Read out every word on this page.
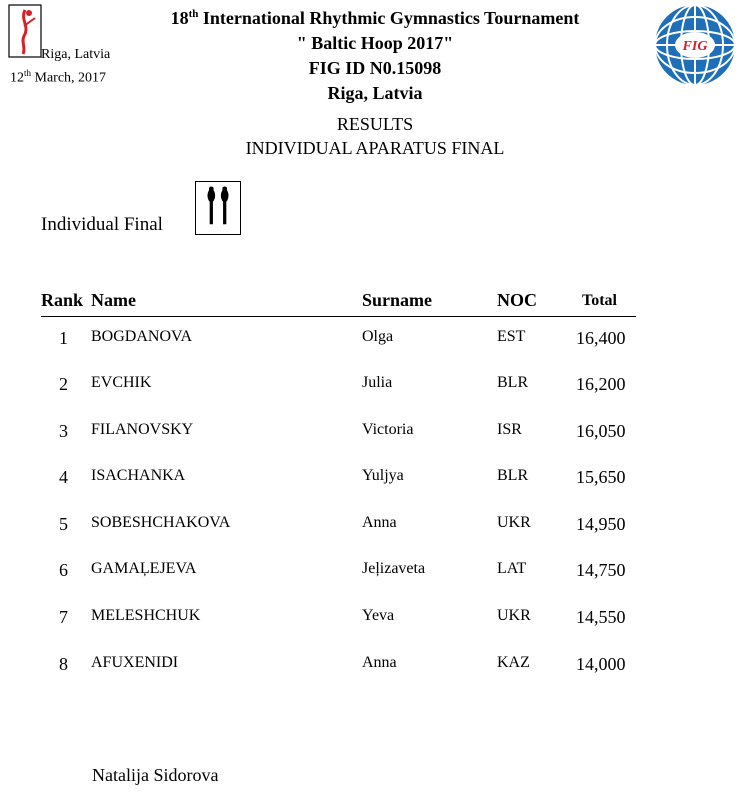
Riga, Latvia
12th March, 2017
FIG
18th International Rhythmic Gymnastics Tournament
" Baltic Hoop 2017"
FIG ID N0.15098
Riga, Latvia
RESULTS
INDIVIDUAL APARATUS FINAL
Individual Final
Rank Name	Surname	NOC	Total
1 BOGDANOVA	Olga	EST	16,400
2 EVCHIK	Julia	BLR	16,200
3 FILANOVSKY	Victoria	ISR	16,050
4 ISACHANKA	Yuljya	BLR	15,650
5 SOBESHCHAKOVA	Anna	UKR	14,950
6 GAMAĻEJEVA	Jeļizaveta	LAT	14,750
7 MELESHCHUK	Yeva	UKR	14,550
8 AFUXENIDI	Anna	KAZ	14,000
Natalija Sidorova
